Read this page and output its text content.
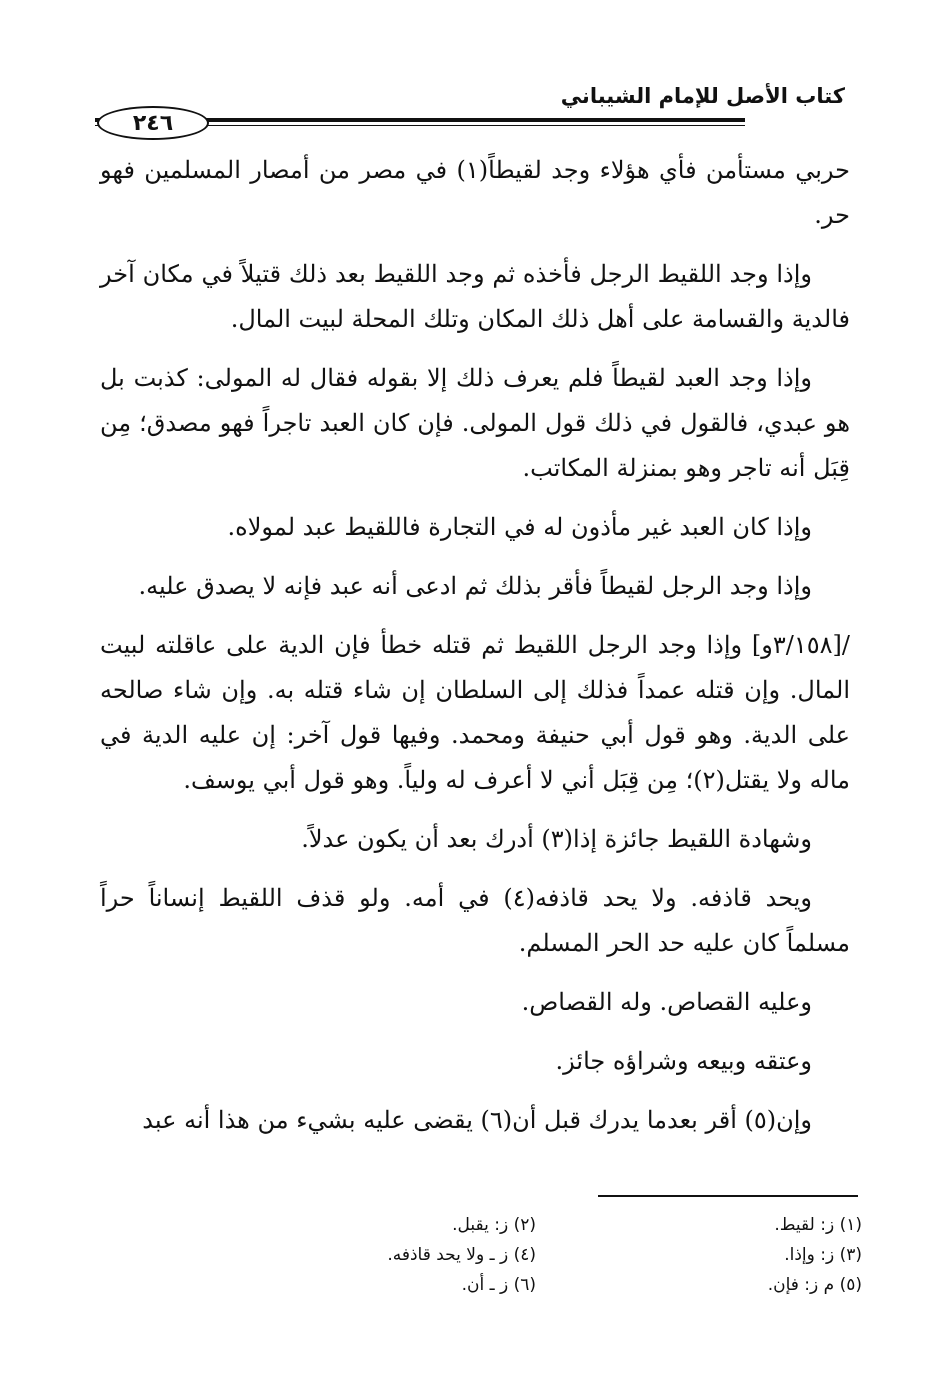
كتاب الأصل للإمام الشيباني
٢٤٦

حربي مستأمن فأي هؤلاء وجد لقيطاً(١) في مصر من أمصار المسلمين فهو حر.

وإذا وجد اللقيط الرجل فأخذه ثم وجد اللقيط بعد ذلك قتيلاً في مكان آخر فالدية والقسامة على أهل ذلك المكان وتلك المحلة لبيت المال.

وإذا وجد العبد لقيطاً فلم يعرف ذلك إلا بقوله فقال له المولى: كذبت بل هو عبدي، فالقول في ذلك قول المولى. فإن كان العبد تاجراً فهو مصدق؛ مِن قِبَل أنه تاجر وهو بمنزلة المكاتب.

وإذا كان العبد غير مأذون له في التجارة فاللقيط عبد لمولاه.

وإذا وجد الرجل لقيطاً فأقر بذلك ثم ادعى أنه عبد فإنه لا يصدق عليه.

/[٣/١٥٨و] وإذا وجد الرجل اللقيط ثم قتله خطأ فإن الدية على عاقلته لبيت المال. وإن قتله عمداً فذلك إلى السلطان إن شاء قتله به. وإن شاء صالحه على الدية. وهو قول أبي حنيفة ومحمد. وفيها قول آخر: إن عليه الدية في ماله ولا يقتل(٢)؛ مِن قِبَل أني لا أعرف له ولياً. وهو قول أبي يوسف.

وشهادة اللقيط جائزة إذا(٣) أدرك بعد أن يكون عدلاً.

ويحد قاذفه. ولا يحد قاذفه(٤) في أمه. ولو قذف اللقيط إنساناً حراً مسلماً كان عليه حد الحر المسلم.

وعليه القصاص. وله القصاص.

وعتقه وبيعه وشراؤه جائز.

وإن(٥) أقر بعدما يدرك قبل أن(٦) يقضى عليه بشيء من هذا أنه عبد

(١) ز: لقيط.
(٢) ز: يقبل.
(٣) ز: وإذا.
(٤) ز ـ ولا يحد قاذفه.
(٥) م ز: فإن.
(٦) ز ـ أن.
